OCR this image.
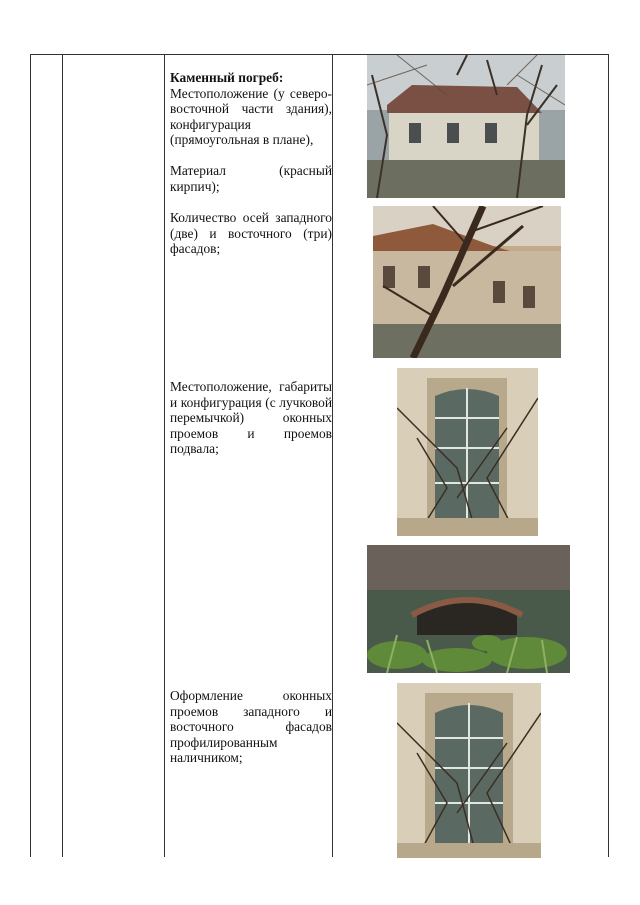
Каменный погреб:

Местоположение (у северо-восточной части здания), конфигурация (прямоугольная в плане),

Материал (красный кирпич);
Количество осей западного (две) и восточного (три) фасадов;
Местоположение, габариты и конфигурация (с лучковой перемычкой) оконных проемов и проемов подвала;
Оформление оконных проемов западного и восточного фасадов профилированным наличником;
